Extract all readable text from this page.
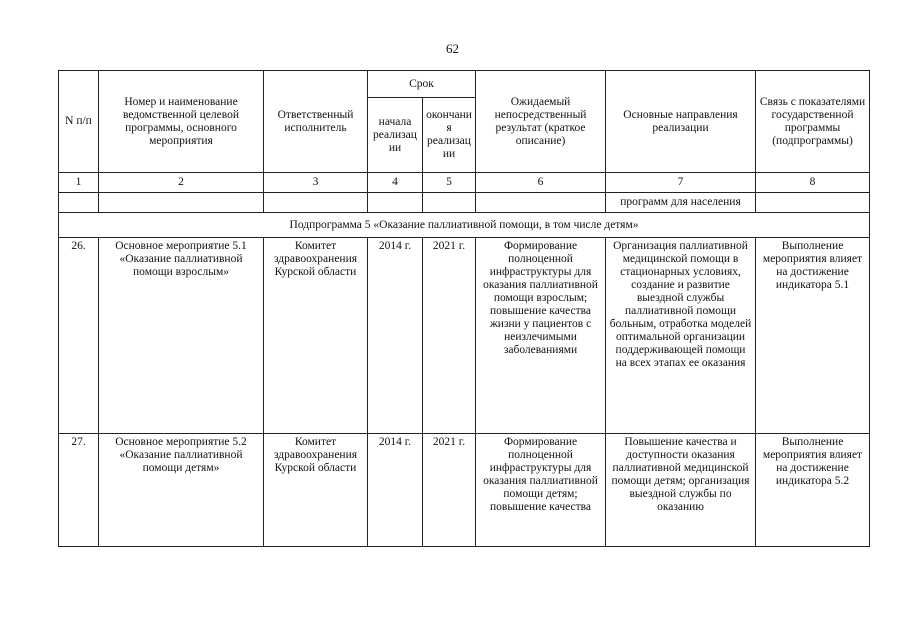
62
N п/п	Номер и наименование ведомственной целевой программы, основного мероприятия	Ответственный исполнитель	Срок		Ожидаемый непосредственный результат (краткое описание)	Основные направления реализации	Связь с показателями государственной программы (подпрограммы)
			начала реализации	окончания реализации			
1	2	3	4	5	6	7	8
						программ для населения	
Подпрограмма 5 «Оказание паллиативной помощи, в том числе детям»							
26.	Основное мероприятие 5.1 «Оказание паллиативной помощи взрослым»	Комитет здравоохранения Курской области	2014 г.	2021 г.	Формирование полноценной инфраструктуры для оказания паллиативной помощи взрослым; повышение качества жизни у пациентов с неизлечимыми заболеваниями	Организация паллиативной медицинской помощи в стационарных условиях, создание и развитие выездной службы паллиативной помощи больным, отработка моделей оптимальной организации поддерживающей помощи на всех этапах ее оказания	Выполнение мероприятия влияет на достижение индикатора 5.1
27.	Основное мероприятие 5.2 «Оказание паллиативной помощи детям»	Комитет здравоохранения Курской области	2014 г.	2021 г.	Формирование полноценной инфраструктуры для оказания паллиативной помощи детям; повышение качества	Повышение качества и доступности оказания паллиативной медицинской помощи детям; организация выездной службы по оказанию	Выполнение мероприятия влияет на достижение индикатора 5.2
